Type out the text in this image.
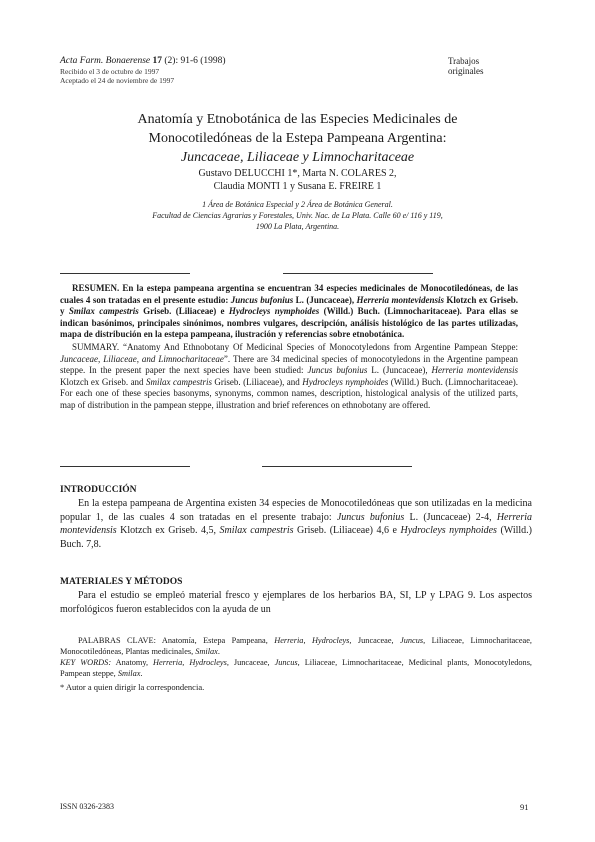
Acta Farm. Bonaerense 17 (2): 91-6 (1998)
Recibido el 3 de octubre de 1997
Aceptado el 24 de noviembre de 1997
Trabajos originales
Anatomía y Etnobotánica de las Especies Medicinales de
Monocotiledóneas de la Estepa Pampeana Argentina:
Juncaceae, Liliaceae y Limnocharitaceae
Gustavo DELUCCHI 1*, Marta N. COLARES 2,
Claudia MONTI 1 y Susana E. FREIRE 1
1 Área de Botánica Especial y 2 Área de Botánica General.
Facultad de Ciencias Agrarias y Forestales, Univ. Nac. de La Plata. Calle 60 e/ 116 y 119,
1900 La Plata, Argentina.

RESUMEN. En la estepa pampeana argentina se encuentran 34 especies medicinales de Monocotiledóneas, de las cuales 4 son tratadas en el presente estudio: Juncus bufonius L. (Juncaceae), Herreria montevidensis Klotzch ex Griseb. y Smilax campestris Griseb. (Liliaceae) e Hydrocleys nymphoides (Willd.) Buch. (Limnocharitaceae). Para ellas se indican basónimos, principales sinónimos, nombres vulgares, descripción, análisis histológico de las partes utilizadas, mapa de distribución en la estepa pampeana, ilustración y referencias sobre etnobotánica.

SUMMARY. “Anatomy And Ethnobotany Of Medicinal Species of Monocotyledons from Argentine Pampean Steppe: Juncaceae, Liliaceae, and Limnocharitaceae”. There are 34 medicinal species of monocotyledons in the Argentine pampean steppe. In the present paper the next species have been studied: Juncus bufonius L. (Juncaceae), Herreria montevidensis Klotzch ex Griseb. and Smilax campestris Griseb. (Liliaceae), and Hydrocleys nymphoides (Willd.) Buch. (Limnocharitaceae). For each one of these species basonyms, synonyms, common names, description, histological analysis of the utilized parts, map of distribution in the pampean steppe, illustration and brief references on ethnobotany are offered.

INTRODUCCIÓN

En la estepa pampeana de Argentina existen 34 especies de Monocotiledóneas que son utilizadas en la medicina popular 1, de las cuales 4 son tratadas en el presente trabajo: Juncus bufonius L. (Juncaceae) 2-4, Herreria montevidensis Klotzch ex Griseb. 4,5, Smilax campestris Griseb. (Liliaceae) 4,6 e Hydrocleys nymphoides (Willd.) Buch. 7,8.

MATERIALES Y MÉTODOS

Para el estudio se empleó material fresco y ejemplares de los herbarios BA, SI, LP y LPAG 9. Los aspectos morfológicos fueron establecidos con la ayuda de un

PALABRAS CLAVE: Anatomía, Estepa Pampeana, Herreria, Hydrocleys, Juncaceae, Juncus, Liliaceae, Limnocharitaceae, Monocotiledóneas, Plantas medicinales, Smilax.

KEY WORDS: Anatomy, Herreria, Hydrocleys, Juncaceae, Juncus, Liliaceae, Limnocharitaceae, Medicinal plants, Monocotyledons, Pampean steppe, Smilax.

* Autor a quien dirigir la correspondencia.
ISSN 0326-2383	91
